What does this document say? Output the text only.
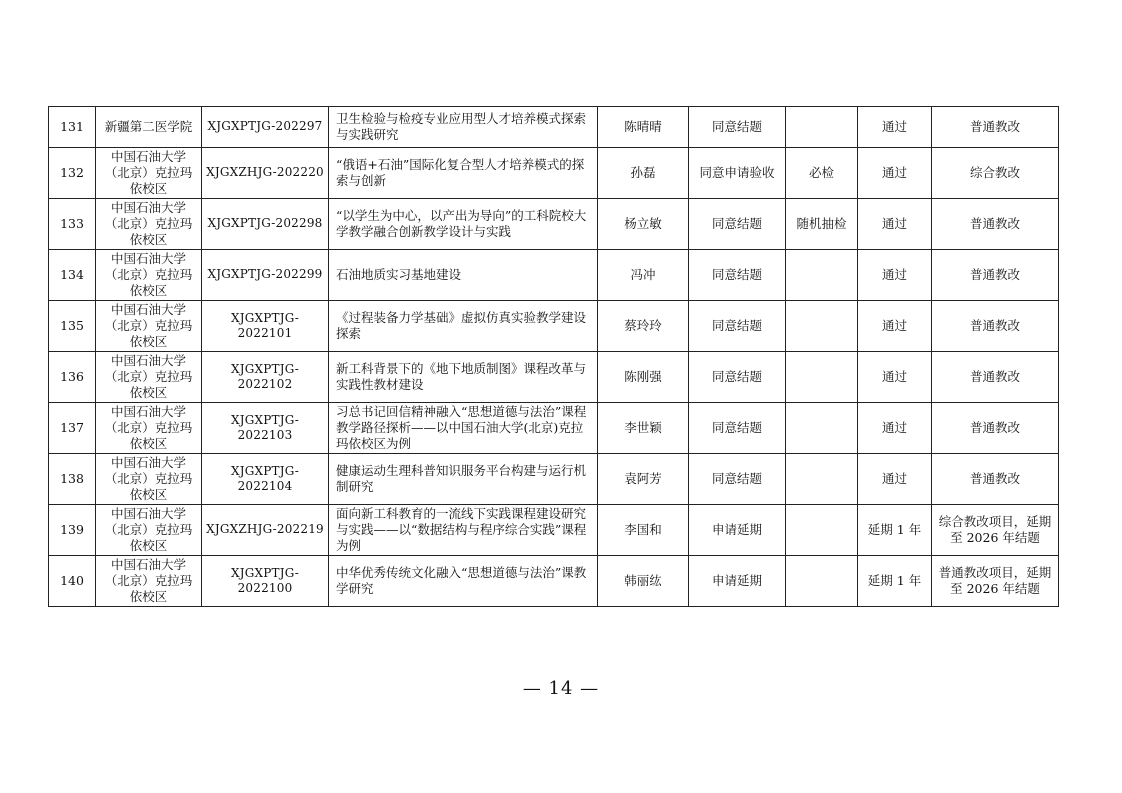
131	新疆第二医学院	XJGXPTJG-202297	卫生检验与检疫专业应用型人才培养模式探索与实践研究	陈晴晴	同意结题		通过	普通教改
132	中国石油大学（北京）克拉玛依校区	XJGXZHJG-202220	“俄语+石油”国际化复合型人才培养模式的探索与创新	孙磊	同意申请验收	必检	通过	综合教改
133	中国石油大学（北京）克拉玛依校区	XJGXPTJG-202298	“以学生为中心，以产出为导向”的工科院校大学教学融合创新教学设计与实践	杨立敏	同意结题	随机抽检	通过	普通教改
134	中国石油大学（北京）克拉玛依校区	XJGXPTJG-202299	石油地质实习基地建设	冯冲	同意结题		通过	普通教改
135	中国石油大学（北京）克拉玛依校区	XJGXPTJG-2022101	《过程装备力学基础》虚拟仿真实验教学建设探索	蔡玲玲	同意结题		通过	普通教改
136	中国石油大学（北京）克拉玛依校区	XJGXPTJG-2022102	新工科背景下的《地下地质制图》课程改革与实践性教材建设	陈刚强	同意结题		通过	普通教改
137	中国石油大学（北京）克拉玛依校区	XJGXPTJG-2022103	习总书记回信精神融入“思想道德与法治”课程教学路径探析——以中国石油大学(北京)克拉玛依校区为例	李世颖	同意结题		通过	普通教改
138	中国石油大学（北京）克拉玛依校区	XJGXPTJG-2022104	健康运动生理科普知识服务平台构建与运行机制研究	袁阿芳	同意结题		通过	普通教改
139	中国石油大学（北京）克拉玛依校区	XJGXZHJG-202219	面向新工科教育的一流线下实践课程建设研究与实践——以“数据结构与程序综合实践”课程为例	李国和	申请延期		延期 1 年	综合教改项目，延期至 2026 年结题
140	中国石油大学（北京）克拉玛依校区	XJGXPTJG-2022100	中华优秀传统文化融入“思想道德与法治”课教学研究	韩丽纮	申请延期		延期 1 年	普通教改项目，延期至 2026 年结题
— 14 —
